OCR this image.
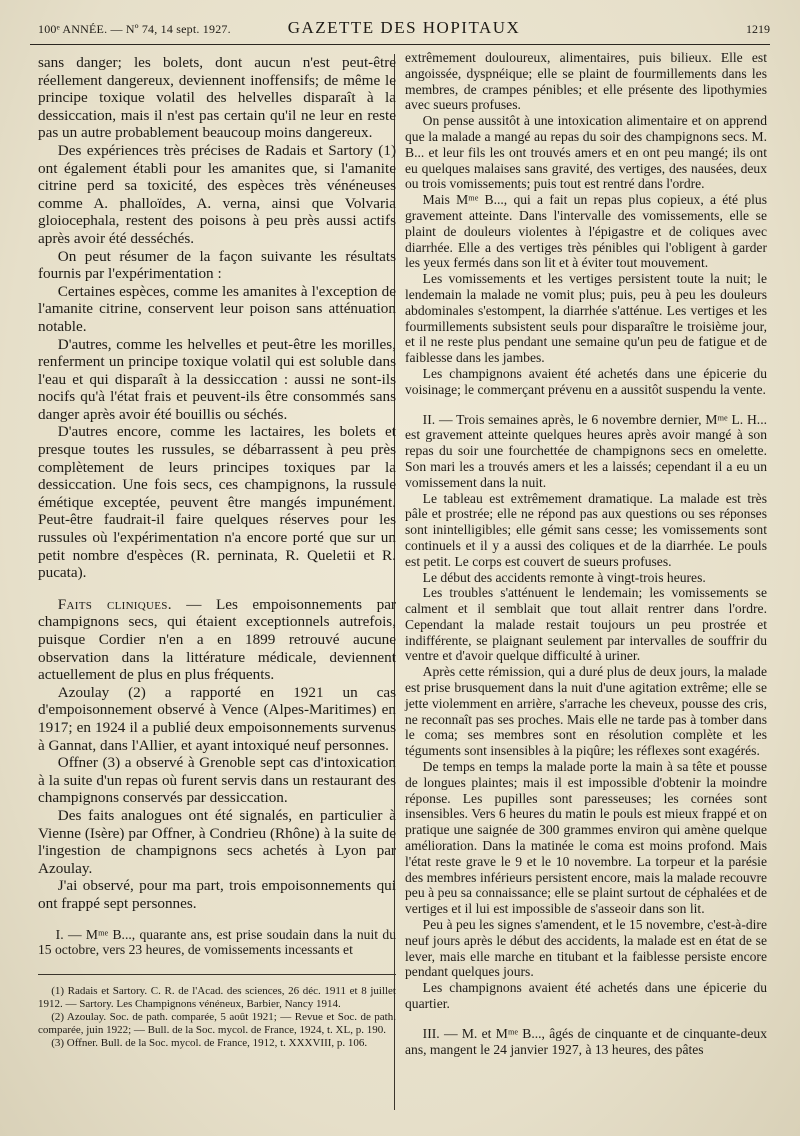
100ᵉ ANNÉE. — Nº 74, 14 sept. 1927.	GAZETTE DES HOPITAUX	1219

sans danger; les bolets, dont aucun n'est peut-être réellement dangereux, deviennent inoffensifs; de même le principe toxique volatil des helvelles disparaît à la dessiccation, mais il n'est pas certain qu'il ne leur en reste pas un autre probablement beaucoup moins dangereux.

Des expériences très précises de Radais et Sartory (1) ont également établi pour les amanites que, si l'amanite citrine perd sa toxicité, des espèces très vénéneuses comme A. phalloïdes, A. verna, ainsi que Volvaria gloiocephala, restent des poisons à peu près aussi actifs après avoir été desséchés.

On peut résumer de la façon suivante les résultats fournis par l'expérimentation :

Certaines espèces, comme les amanites à l'exception de l'amanite citrine, conservent leur poison sans atténuation notable.

D'autres, comme les helvelles et peut-être les morilles, renferment un principe toxique volatil qui est soluble dans l'eau et qui disparaît à la dessiccation : aussi ne sont-ils nocifs qu'à l'état frais et peuvent-ils être consommés sans danger après avoir été bouillis ou séchés.

D'autres encore, comme les lactaires, les bolets et presque toutes les russules, se débarrassent à peu près complètement de leurs principes toxiques par la dessiccation. Une fois secs, ces champignons, la russule émétique exceptée, peuvent être mangés impunément. Peut-être faudrait-il faire quelques réserves pour les russules où l'expérimentation n'a encore porté que sur un petit nombre d'espèces (R. perninata, R. Queletii et R. pucata).

Faits cliniques. — Les empoisonnements par champignons secs, qui étaient exceptionnels autrefois, puisque Cordier n'en a en 1899 retrouvé aucune observation dans la littérature médicale, deviennent actuellement de plus en plus fréquents.

Azoulay (2) a rapporté en 1921 un cas d'empoisonnement observé à Vence (Alpes-Maritimes) en 1917; en 1924 il a publié deux empoisonnements survenus à Gannat, dans l'Allier, et ayant intoxiqué neuf personnes.

Offner (3) a observé à Grenoble sept cas d'intoxication à la suite d'un repas où furent servis dans un restaurant des champignons conservés par dessiccation.

Des faits analogues ont été signalés, en particulier à Vienne (Isère) par Offner, à Condrieu (Rhône) à la suite de l'ingestion de champignons secs achetés à Lyon par Azoulay.

J'ai observé, pour ma part, trois empoisonnements qui ont frappé sept personnes.

I. — Mᵐᵉ B..., quarante ans, est prise soudain dans la nuit du 15 octobre, vers 23 heures, de vomissements incessants et

(1) Radais et Sartory. C. R. de l'Acad. des sciences, 26 déc. 1911 et 8 juillet 1912. — Sartory. Les Champignons vénéneux, Barbier, Nancy 1914.

(2) Azoulay. Soc. de path. comparée, 5 août 1921; — Revue et Soc. de path. comparée, juin 1922; — Bull. de la Soc. mycol. de France, 1924, t. XL, p. 190.

(3) Offner. Bull. de la Soc. mycol. de France, 1912, t. XXXVIII, p. 106.

extrêmement douloureux, alimentaires, puis bilieux. Elle est angoissée, dyspnéique; elle se plaint de fourmillements dans les membres, de crampes pénibles; et elle présente des lipothymies avec sueurs profuses.

On pense aussitôt à une intoxication alimentaire et on apprend que la malade a mangé au repas du soir des champignons secs. M. B... et leur fils les ont trouvés amers et en ont peu mangé; ils ont eu quelques malaises sans gravité, des vertiges, des nausées, deux ou trois vomissements; puis tout est rentré dans l'ordre.

Mais Mᵐᵉ B..., qui a fait un repas plus copieux, a été plus gravement atteinte. Dans l'intervalle des vomissements, elle se plaint de douleurs violentes à l'épigastre et de coliques avec diarrhée. Elle a des vertiges très pénibles qui l'obligent à garder les yeux fermés dans son lit et à éviter tout mouvement.

Les vomissements et les vertiges persistent toute la nuit; le lendemain la malade ne vomit plus; puis, peu à peu les douleurs abdominales s'estompent, la diarrhée s'atténue. Les vertiges et les fourmillements subsistent seuls pour disparaître le troisième jour, et il ne reste plus pendant une semaine qu'un peu de fatigue et de faiblesse dans les jambes.

Les champignons avaient été achetés dans une épicerie du voisinage; le commerçant prévenu en a aussitôt suspendu la vente.

II. — Trois semaines après, le 6 novembre dernier, Mᵐᵉ L. H... est gravement atteinte quelques heures après avoir mangé à son repas du soir une fourchettée de champignons secs en omelette. Son mari les a trouvés amers et les a laissés; cependant il a eu un vomissement dans la nuit.

Le tableau est extrêmement dramatique. La malade est très pâle et prostrée; elle ne répond pas aux questions ou ses réponses sont inintelligibles; elle gémit sans cesse; les vomissements sont continuels et il y a aussi des coliques et de la diarrhée. Le pouls est petit. Le corps est couvert de sueurs profuses.

Le début des accidents remonte à vingt-trois heures.

Les troubles s'atténuent le lendemain; les vomissements se calment et il semblait que tout allait rentrer dans l'ordre. Cependant la malade restait toujours un peu prostrée et indifférente, se plaignant seulement par intervalles de souffrir du ventre et d'avoir quelque difficulté à uriner.

Après cette rémission, qui a duré plus de deux jours, la malade est prise brusquement dans la nuit d'une agitation extrême; elle se jette violemment en arrière, s'arrache les cheveux, pousse des cris, ne reconnaît pas ses proches. Mais elle ne tarde pas à tomber dans le coma; ses membres sont en résolution complète et les téguments sont insensibles à la piqûre; les réflexes sont exagérés.

De temps en temps la malade porte la main à sa tête et pousse de longues plaintes; mais il est impossible d'obtenir la moindre réponse. Les pupilles sont paresseuses; les cornées sont insensibles. Vers 6 heures du matin le pouls est mieux frappé et on pratique une saignée de 300 grammes environ qui amène quelque amélioration. Dans la matinée le coma est moins profond. Mais l'état reste grave le 9 et le 10 novembre. La torpeur et la parésie des membres inférieurs persistent encore, mais la malade recouvre peu à peu sa connaissance; elle se plaint surtout de céphalées et de vertiges et il lui est impossible de s'asseoir dans son lit.

Peu à peu les signes s'amendent, et le 15 novembre, c'est-à-dire neuf jours après le début des accidents, la malade est en état de se lever, mais elle marche en titubant et la faiblesse persiste encore pendant quelques jours.

Les champignons avaient été achetés dans une épicerie du quartier.

III. — M. et Mᵐᵉ B..., âgés de cinquante et de cinquante-deux ans, mangent le 24 janvier 1927, à 13 heures, des pâtes
